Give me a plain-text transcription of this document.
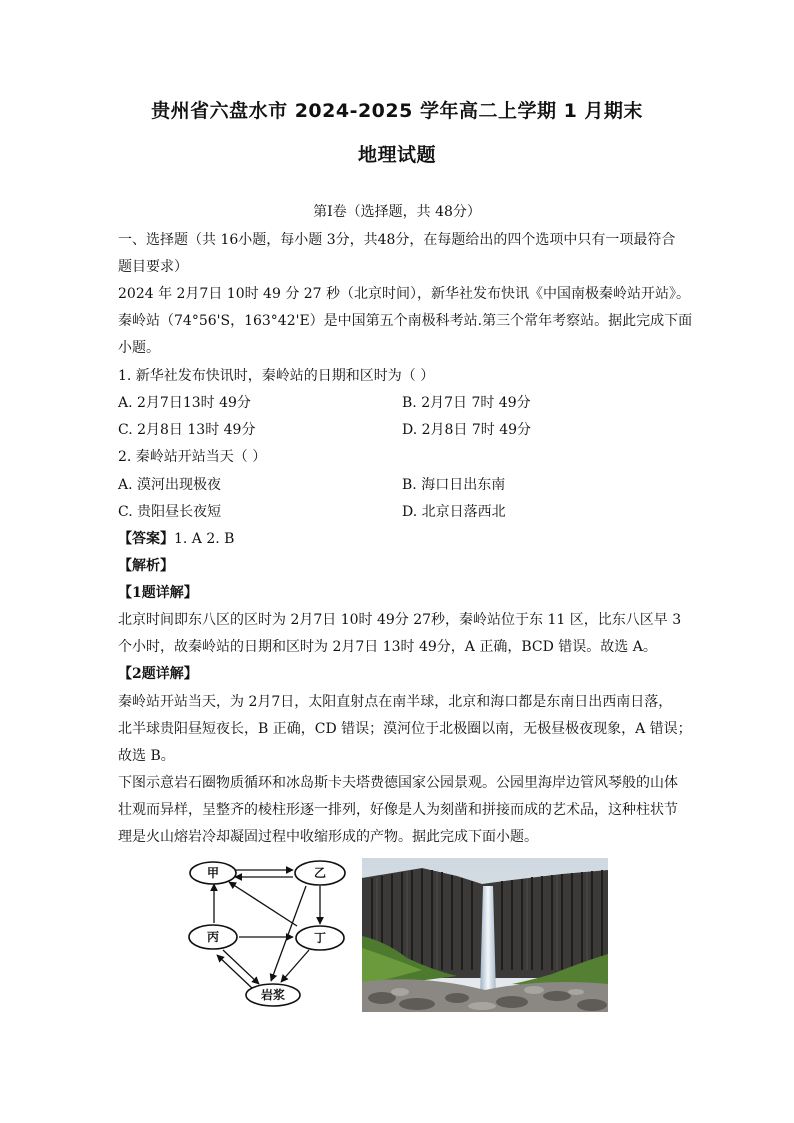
贵州省六盘水市 2024-2025 学年高二上学期 1 月期末
地理试题
第Ⅰ卷（选择题，共 48分）
一、选择题（共 16小题，每小题 3分，共48分，在每题给出的四个选项中只有一项最符合
题目要求）
2024 年 2月7日 10时 49 分 27 秒（北京时间），新华社发布快讯《中国南极秦岭站开站》。
秦岭站（74°56'S，163°42'E）是中国第五个南极科考站.第三个常年考察站。据此完成下面
小题。
1. 新华社发布快讯时，秦岭站的日期和区时为（ ）
A. 2月7日13时 49分	B. 2月7日 7时 49分
C. 2月8日 13时 49分	D. 2月8日 7时 49分
2. 秦岭站开站当天（ ）
A. 漠河出现极夜	B. 海口日出东南
C. 贵阳昼长夜短	D. 北京日落西北
【答案】1. A 2. B
【解析】
【1题详解】
北京时间即东八区的区时为 2月7日 10时 49分 27秒，秦岭站位于东 11 区，比东八区早 3
个小时，故秦岭站的日期和区时为 2月7日 13时 49分，A 正确，BCD 错误。故选 A。
【2题详解】
秦岭站开站当天，为 2月7日，太阳直射点在南半球，北京和海口都是东南日出西南日落，
北半球贵阳昼短夜长，B 正确，CD 错误；漠河位于北极圈以南，无极昼极夜现象，A 错误；
故选 B。
下图示意岩石圈物质循环和冰岛斯卡夫塔费德国家公园景观。公园里海岸边管风琴般的山体
壮观而异样，呈整齐的棱柱形逐一排列，好像是人为刻凿和拼接而成的艺术品，这种柱状节
理是火山熔岩冷却凝固过程中收缩形成的产物。据此完成下面小题。
甲	乙
丙	丁
岩浆
